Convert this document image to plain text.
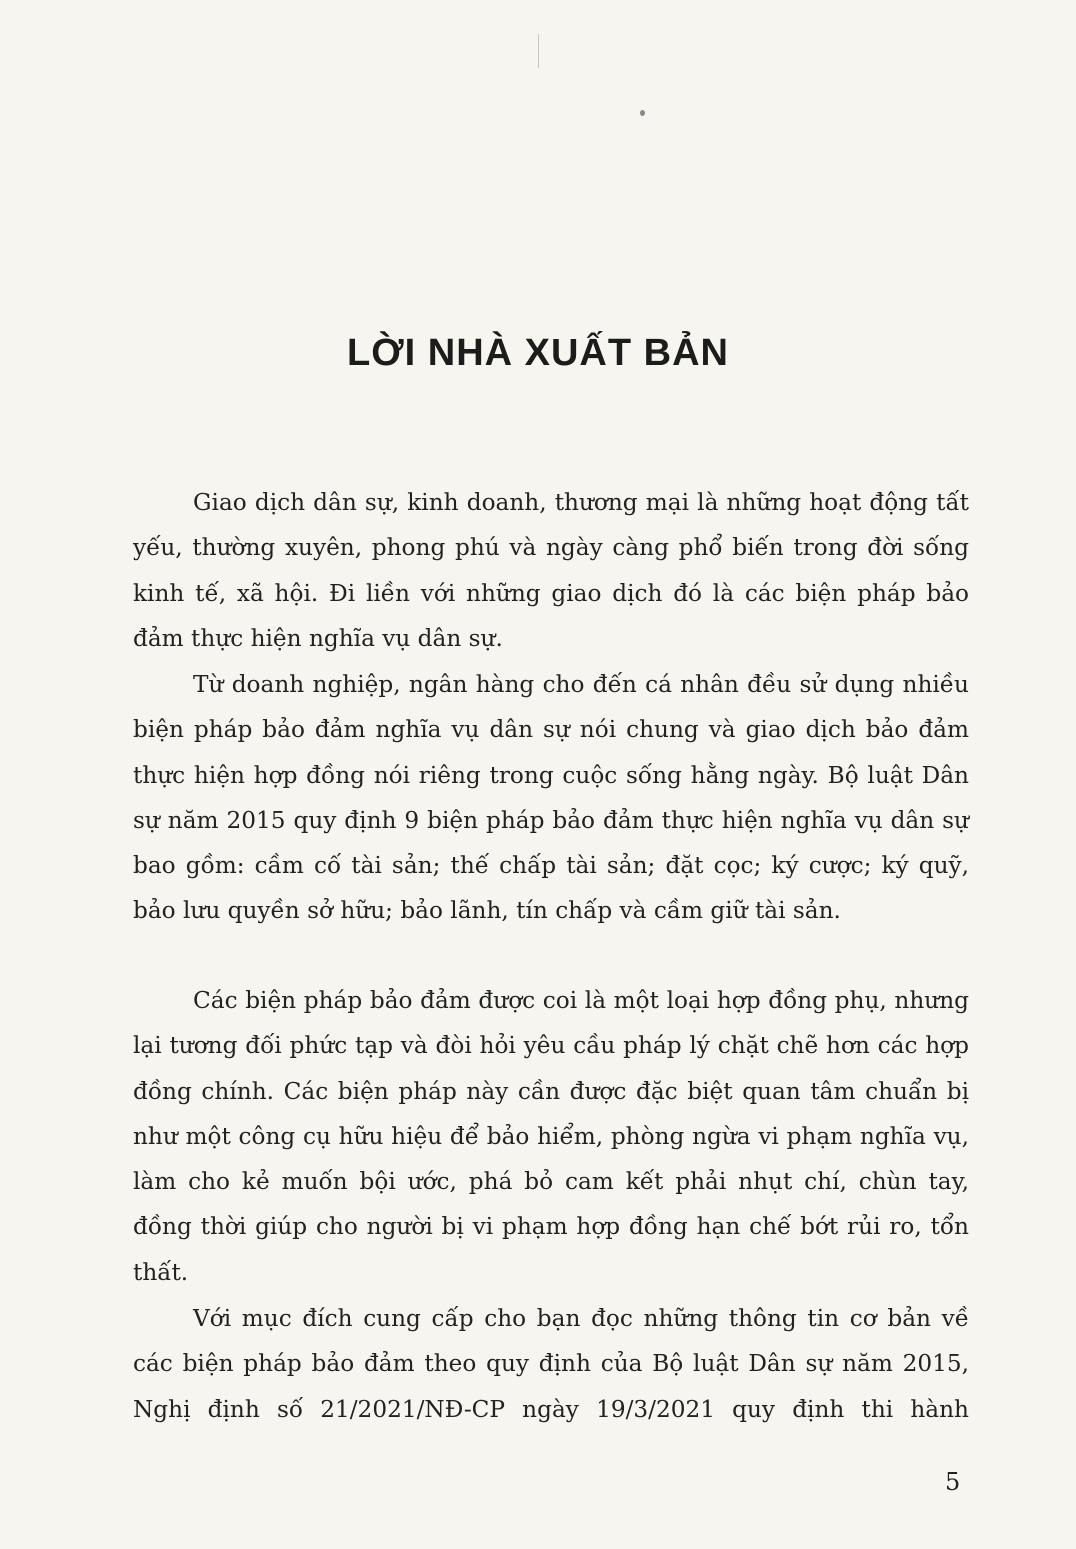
LỜI NHÀ XUẤT BẢN

Giao dịch dân sự, kinh doanh, thương mại là những hoạt động tất yếu, thường xuyên, phong phú và ngày càng phổ biến trong đời sống kinh tế, xã hội. Đi liền với những giao dịch đó là các biện pháp bảo đảm thực hiện nghĩa vụ dân sự.

Từ doanh nghiệp, ngân hàng cho đến cá nhân đều sử dụng nhiều biện pháp bảo đảm nghĩa vụ dân sự nói chung và giao dịch bảo đảm thực hiện hợp đồng nói riêng trong cuộc sống hằng ngày. Bộ luật Dân sự năm 2015 quy định 9 biện pháp bảo đảm thực hiện nghĩa vụ dân sự bao gồm: cầm cố tài sản; thế chấp tài sản; đặt cọc; ký cược; ký quỹ, bảo lưu quyền sở hữu; bảo lãnh, tín chấp và cầm giữ tài sản.

Các biện pháp bảo đảm được coi là một loại hợp đồng phụ, nhưng lại tương đối phức tạp và đòi hỏi yêu cầu pháp lý chặt chẽ hơn các hợp đồng chính. Các biện pháp này cần được đặc biệt quan tâm chuẩn bị như một công cụ hữu hiệu để bảo hiểm, phòng ngừa vi phạm nghĩa vụ, làm cho kẻ muốn bội ước, phá bỏ cam kết phải nhụt chí, chùn tay, đồng thời giúp cho người bị vi phạm hợp đồng hạn chế bớt rủi ro, tổn thất.

Với mục đích cung cấp cho bạn đọc những thông tin cơ bản về các biện pháp bảo đảm theo quy định của Bộ luật Dân sự năm 2015, Nghị định số 21/2021/NĐ-CP ngày 19/3/2021 quy định thi hành

5
